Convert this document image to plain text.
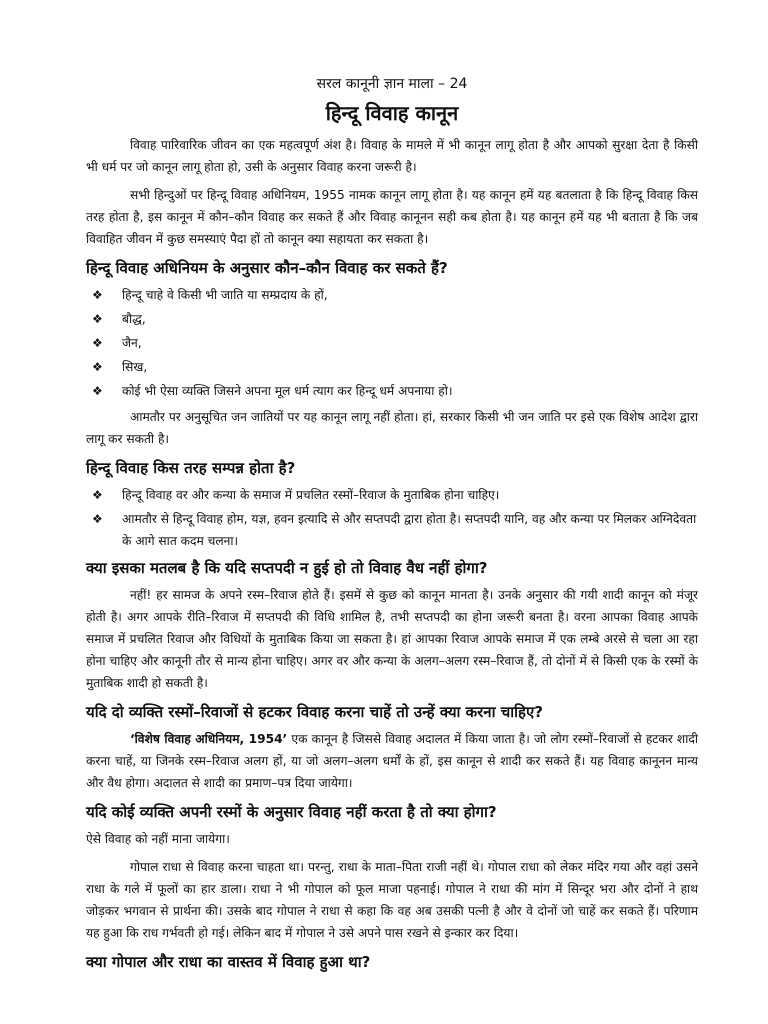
सरल कानूनी ज्ञान माला – 24
हिन्दू विवाह कानून

विवाह पारिवारिक जीवन का एक महत्वपूर्ण अंश है। विवाह के मामले में भी कानून लागू होता है और आपको सुरक्षा देता है किसी भी धर्म पर जो कानून लागू होता हो, उसी के अनुसार विवाह करना जरूरी है।

सभी हिन्दुओं पर हिन्दू विवाह अधिनियम, 1955 नामक कानून लागू होता है। यह कानून हमें यह बतलाता है कि हिन्दू विवाह किस तरह होता है, इस कानून में कौन–कौन विवाह कर सकते हैं और विवाह कानूनन सही कब होता है। यह कानून हमें यह भी बताता है कि जब विवाहित जीवन में कुछ समस्याएं पैदा हों तो कानून क्या सहायता कर सकता है।

हिन्दू विवाह अधिनियम के अनुसार कौन–कौन विवाह कर सकते हैं?
❖ हिन्दू चाहे वे किसी भी जाति या सम्प्रदाय के हों,
❖ बौद्ध,
❖ जैन,
❖ सिख,
❖ कोई भी ऐसा व्यक्ति जिसने अपना मूल धर्म त्याग कर हिन्दू धर्म अपनाया हो।

आमतौर पर अनुसूचित जन जातियों पर यह कानून लागू नहीं होता। हां, सरकार किसी भी जन जाति पर इसे एक विशेष आदेश द्वारा लागू कर सकती है।

हिन्दू विवाह किस तरह सम्पन्न होता है?
❖ हिन्दू विवाह वर और कन्या के समाज में प्रचलित रस्मों–रिवाज के मुताबिक होना चाहिए।
❖ आमतौर से हिन्दू विवाह होम, यज्ञ, हवन इत्यादि से और सप्तपदी द्वारा होता है। सप्तपदी यानि, वह और कन्या पर मिलकर अग्निदेवता के आगे सात कदम चलना।
क्या इसका मतलब है कि यदि सप्तपदी न हुई हो तो विवाह वैध नहीं होगा?

नहीं! हर सामज के अपने रस्म–रिवाज होते हैं। इसमें से कुछ को कानून मानता है। उनके अनुसार की गयी शादी कानून को मंजूर होती है। अगर आपके रीति–रिवाज में सप्तपदी की विधि शामिल है, तभी सप्तपदी का होना जरूरी बनता है। वरना आपका विवाह आपके समाज में प्रचलित रिवाज और विधियों के मुताबिक किया जा सकता है। हां आपका रिवाज आपके समाज में एक लम्बे अरसे से चला आ रहा होना चाहिए और कानूनी तौर से मान्य होना चाहिए। अगर वर और कन्या के अलग–अलग रस्म–रिवाज हैं, तो दोनों में से किसी एक के रस्मों के मुताबिक शादी हो सकती है।

यदि दो व्यक्ति रस्मों–रिवाजों से हटकर विवाह करना चाहें तो उन्हें क्या करना चाहिए?

‘विशेष विवाह अधिनियम, 1954’ एक कानून है जिससे विवाह अदालत में किया जाता है। जो लोग रस्मों–रिवाजों से हटकर शादी करना चाहें, या जिनके रस्म–रिवाज अलग हों, या जो अलग–अलग धर्मों के हों, इस कानून से शादी कर सकते हैं। यह विवाह कानूनन मान्य और वैध होगा। अदालत से शादी का प्रमाण–पत्र दिया जायेगा।

यदि कोई व्यक्ति अपनी रस्मों के अनुसार विवाह नहीं करता है तो क्या होगा?

ऐसे विवाह को नहीं माना जायेगा।

गोपाल राधा से विवाह करना चाहता था। परन्तु, राधा के माता–पिता राजी नहीं थे। गोपाल राधा को लेकर मंदिर गया और वहां उसने राधा के गले में फूलों का हार डाला। राधा ने भी गोपाल को फूल माजा पहनाई। गोपाल ने राधा की मांग में सिन्दूर भरा और दोनों ने हाथ जोड़कर भगवान से प्रार्थना की। उसके बाद गोपाल ने राधा से कहा कि वह अब उसकी पत्नी है और वे दोनों जो चाहें कर सकते हैं। परिणाम यह हुआ कि राध गर्भवती हो गई। लेकिन बाद में गोपाल ने उसे अपने पास रखने से इन्कार कर दिया।

क्या गोपाल और राधा का वास्तव में विवाह हुआ था?
